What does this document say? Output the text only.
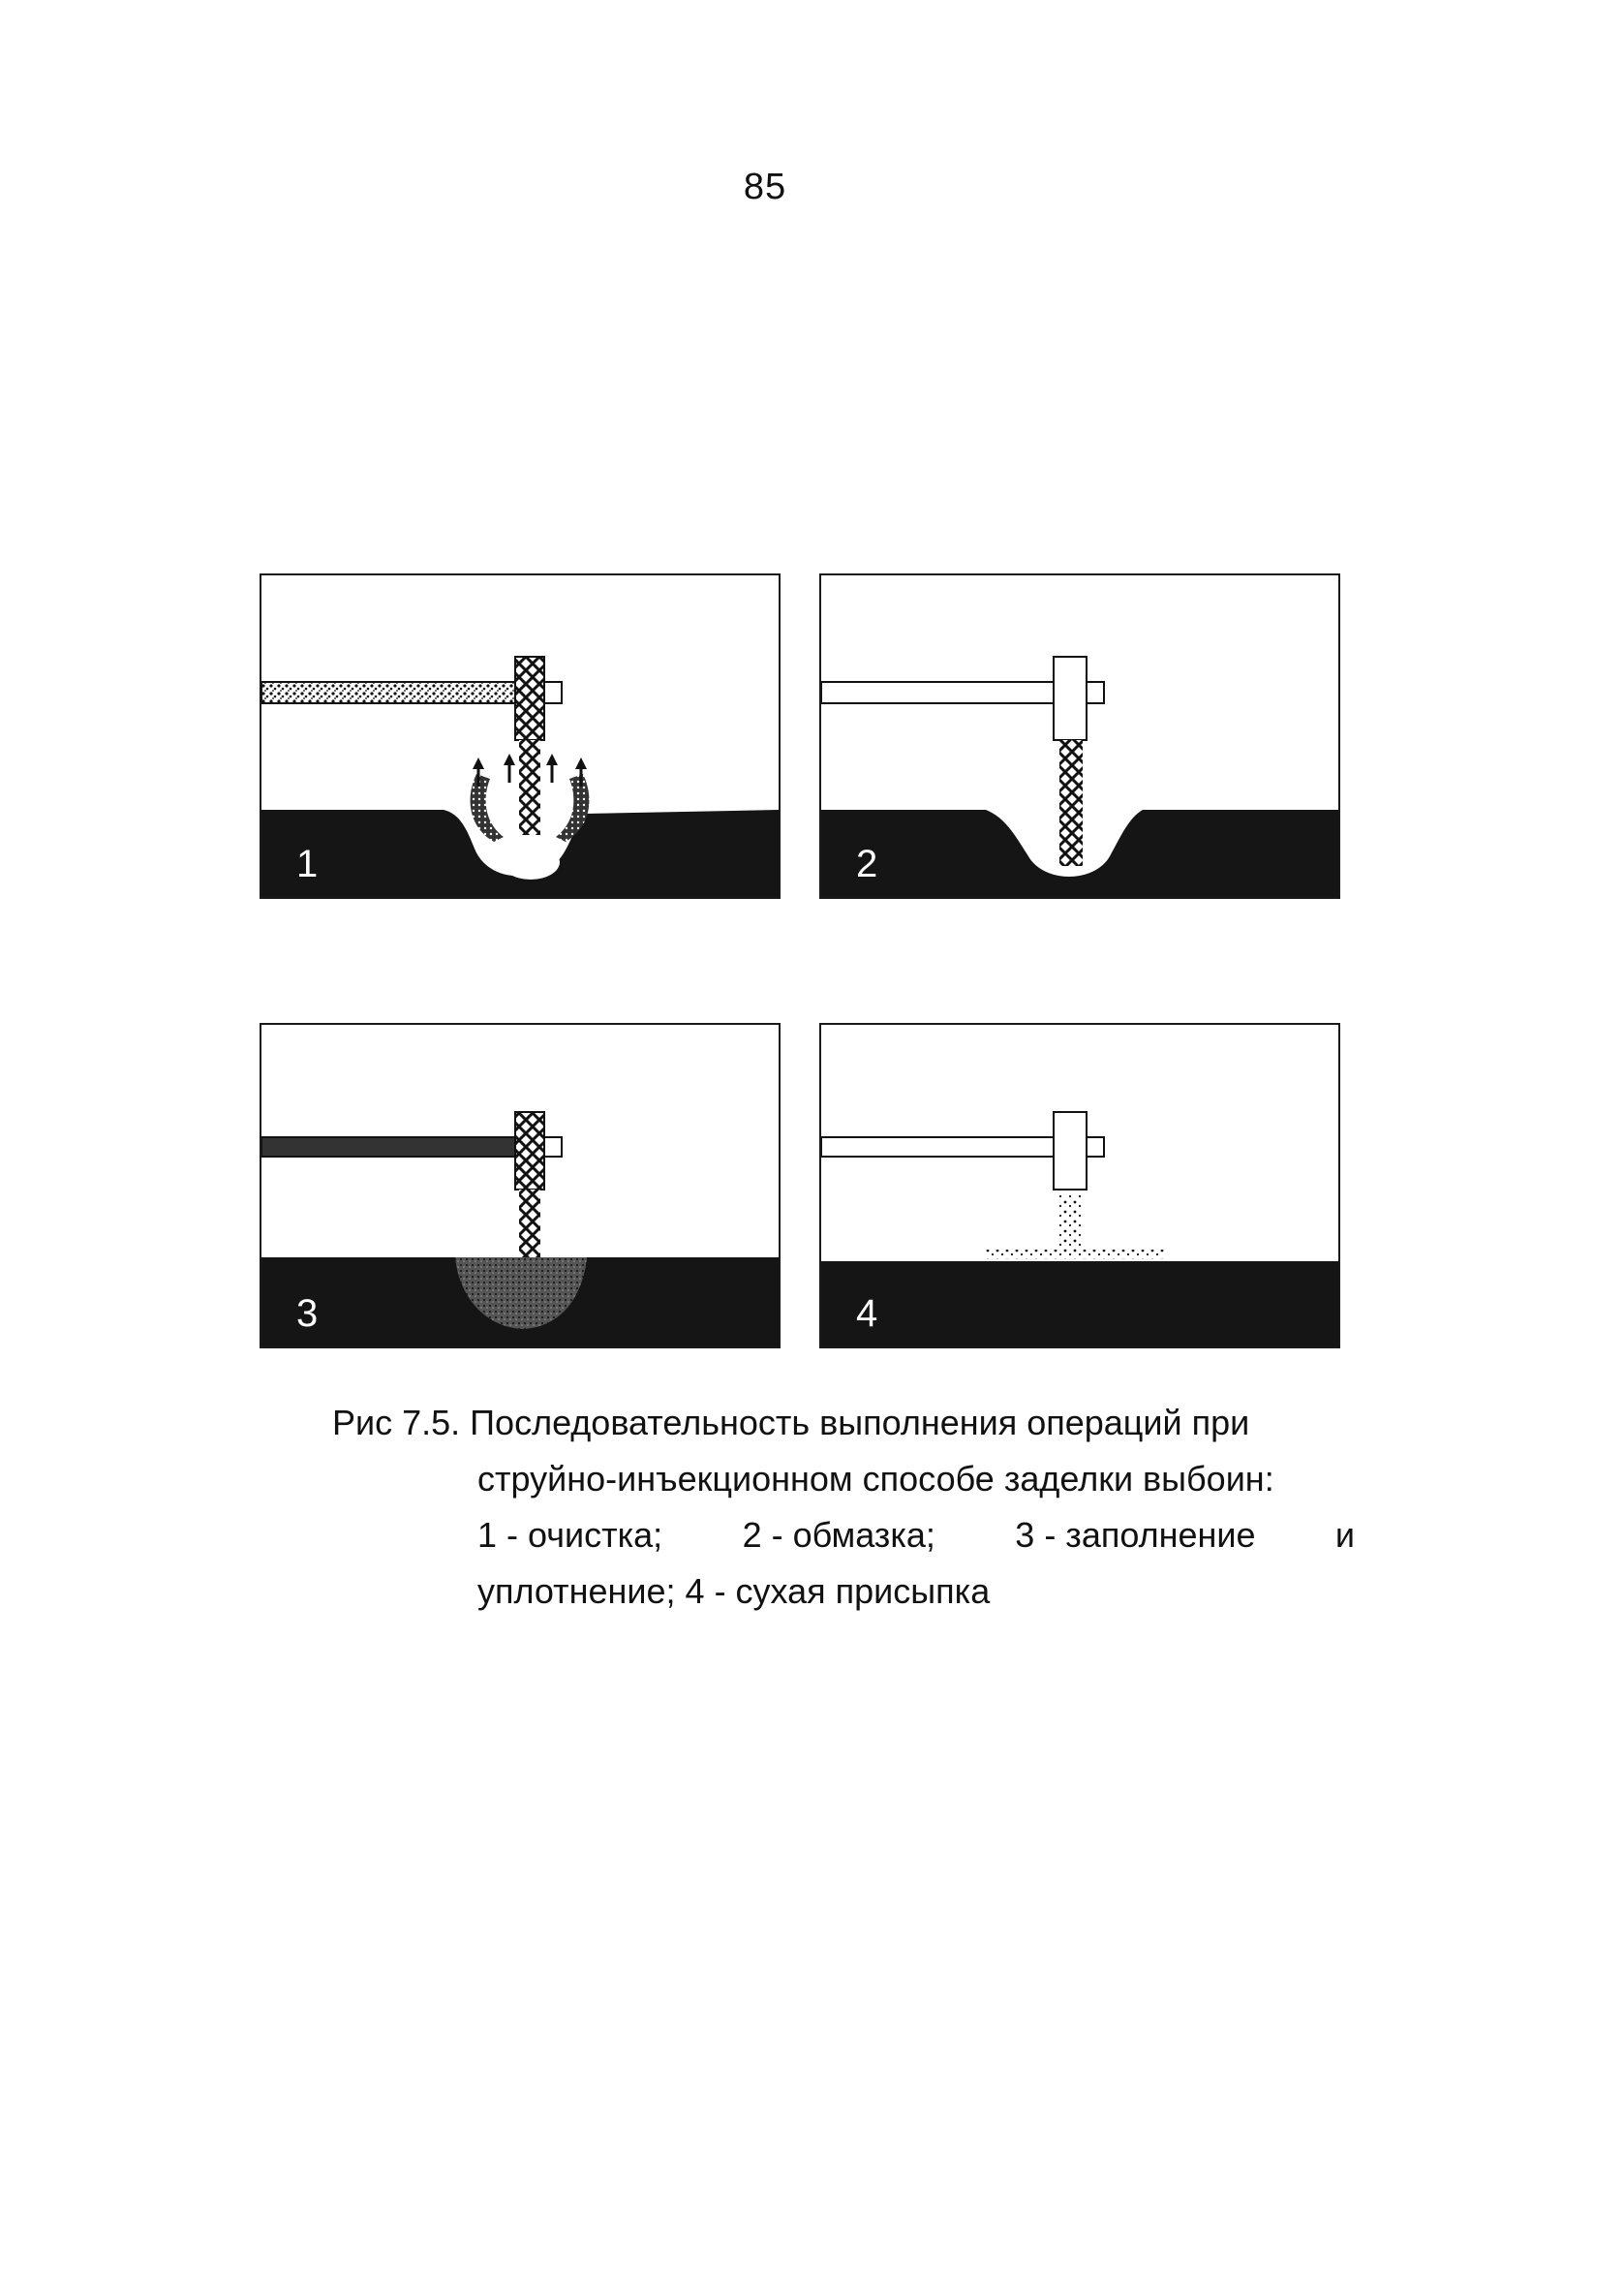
85
1	2
3	4
Рис 7.5. Последовательность выполнения операций при
струйно-инъекционном способе заделки выбоин:
1 - очистка; 2 - обмазка; 3 - заполнение и
уплотнение; 4 - сухая присыпка
